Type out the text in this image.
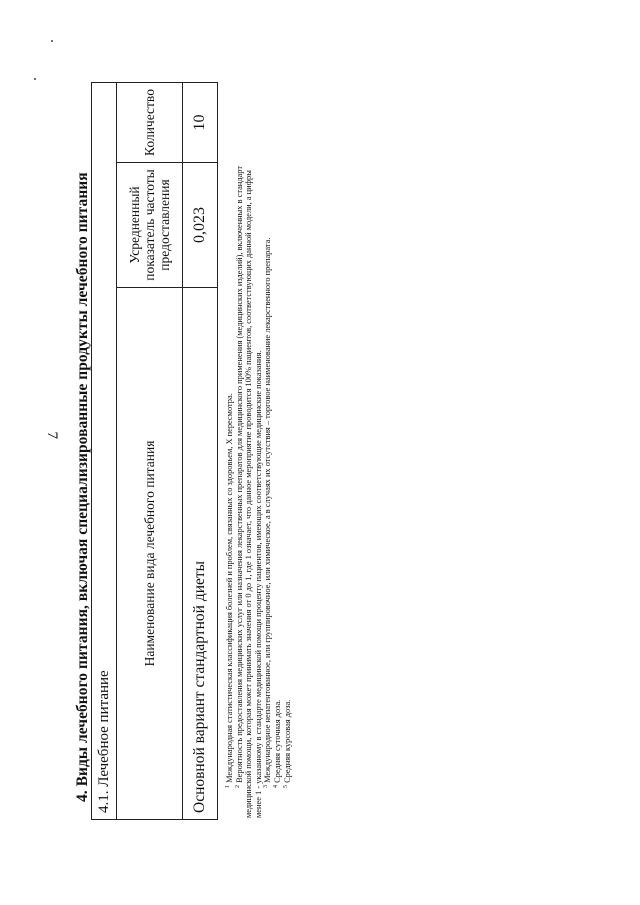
7 4. Виды лечебного питания, включая специализированные продукты лечебного питания 4.1. Лечебное питание		
Наименование вида лечебного питания	Усредненный показатель частоты предоставления	Количество
Основной вариант стандартной диеты	0,023	10

$^1$ Международная статистическая классификация болезней и проблем, связанных со здоровьем, X пересмотра.

$^2$ Вероятность предоставления медицинских услуг или назначения лекарственных препаратов для медицинского применения (медицинских изделий), включенных в стандарт медицинской помощи, которая может принимать значения от 0 до 1, где 1 означает, что данное мероприятие проводится 100% пациентов, соответствующих данной модели, а цифры менее 1 - указанному в стандарте медицинской помощи проценту пациентов, имеющих соответствующие медицинские показания. $^3$ Международное непатентованное, или группировочное, или химическое, а в случаях их отсутствия – торговое наименование лекарственного препарата.

$^4$ Средняя суточная доза.

$^5$ Средняя курсовая доза.
